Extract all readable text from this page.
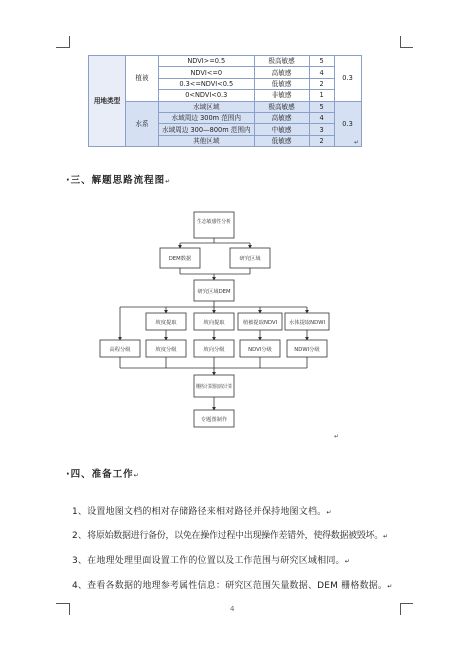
用地类型	植被	NDVI>=0.5	极高敏感	5	0.3
		NDVI<=0	高敏感	4	
		0.3<=NDVI<0.5	低敏感	2	
		0<NDVI<0.3	非敏感	1	
	水系	水域区域	极高敏感	5	0.3
		水域周边 300m 范围内	高敏感	4	
		水域周边 300—800m 范围内	中敏感	3	
		其他区域	低敏感	2		↵
·三、解题思路流程图↵
生态敏感性分析
DEM数据	研究区域
研究区域DEM
坡度提取	坡向提取	植被提取NDVI 水体提取NDWI
高程分级	坡度分级	坡向分级	NDVI分级	NDWI分级
栅格计算器加权计算
专题图制作
↵
·四、准备工作↵
1、设置地图文档的相对存储路径来相对路径并保持地图文档。↵
2、将原始数据进行备份，以免在操作过程中出现操作差错外，使得数据被毁坏。↵
3、在地理处理里面设置工作的位置以及工作范围与研究区域相同。↵
4、查看各数据的地理参考属性信息：研究区范围矢量数据、DEM 栅格数据。↵
4
